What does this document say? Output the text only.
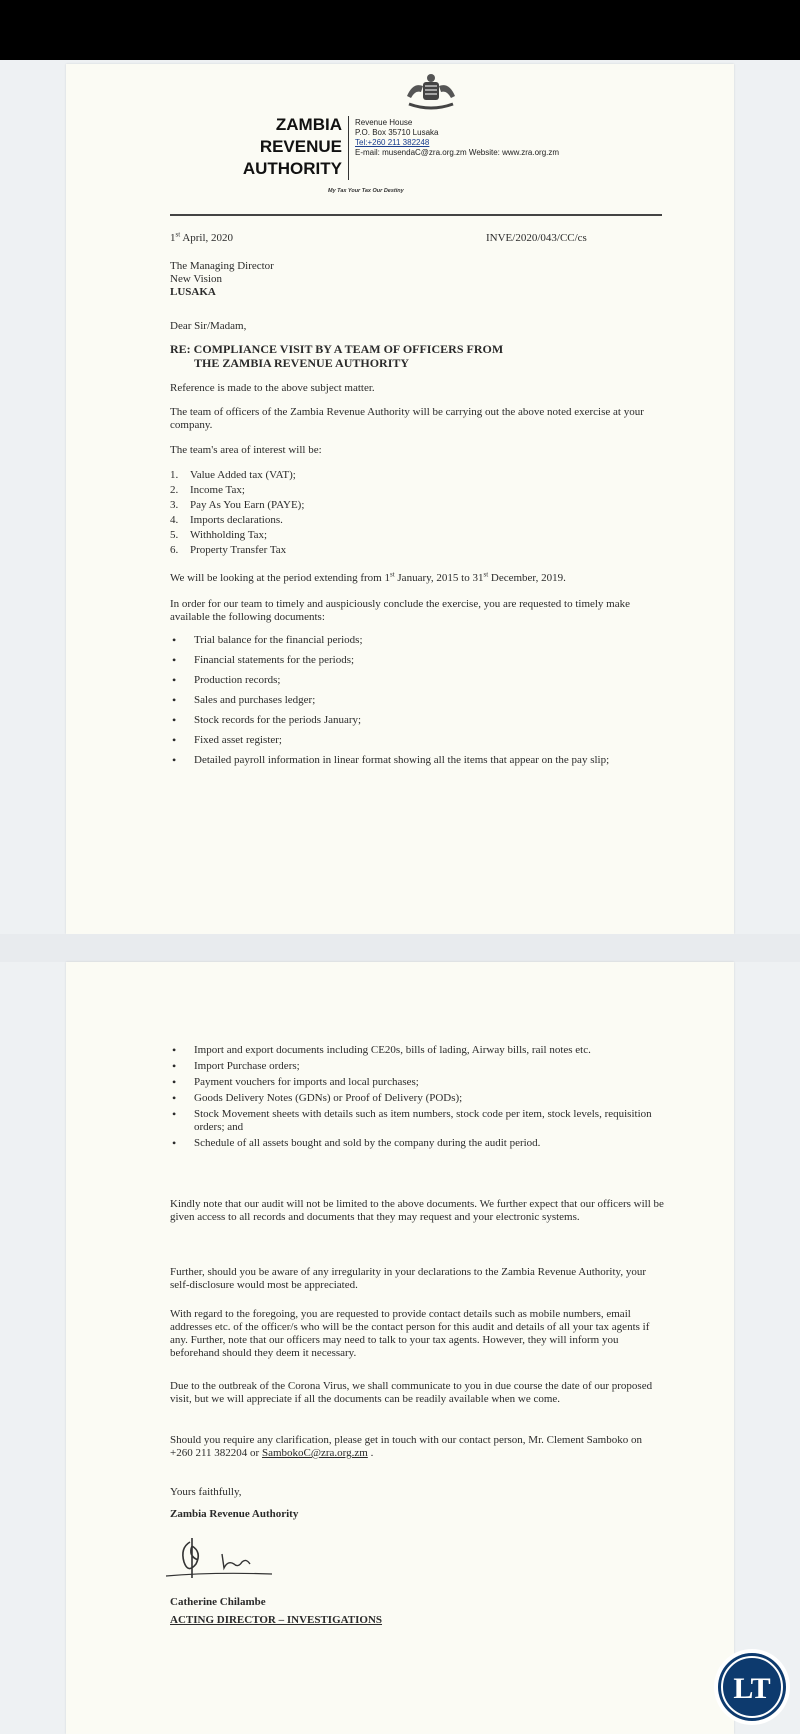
ZAMBIA
REVENUE
AUTHORITY
Revenue House
P.O. Box 35710 Lusaka
Tel:+260 211 382248
E-mail: musendaC@zra.org.zm Website: www.zra.org.zm
My Tax Your Tax Our Destiny
1st April, 2020	INVE/2020/043/CC/cs
The Managing Director
New Vision
LUSAKA
Dear Sir/Madam,
RE: COMPLIANCE VISIT BY A TEAM OF OFFICERS FROM
THE ZAMBIA REVENUE AUTHORITY
Reference is made to the above subject matter.
The team of officers of the Zambia Revenue Authority will be carrying out the above noted exercise at your company.
The team's area of interest will be:
1. Value Added tax (VAT);
2. Income Tax;
3. Pay As You Earn (PAYE);
4. Imports declarations.
5. Withholding Tax;
6. Property Transfer Tax
We will be looking at the period extending from 1st January, 2015 to 31st December, 2019.
In order for our team to timely and auspiciously conclude the exercise, you are requested to timely make available the following documents:
• Trial balance for the financial periods;
• Financial statements for the periods;
• Production records;
• Sales and purchases ledger;
• Stock records for the periods January;
• Fixed asset register;
• Detailed payroll information in linear format showing all the items that appear on the pay slip;
• Import and export documents including CE20s, bills of lading, Airway bills, rail notes etc.
• Import Purchase orders;
• Payment vouchers for imports and local purchases;
• Goods Delivery Notes (GDNs) or Proof of Delivery (PODs);
• Stock Movement sheets with details such as item numbers, stock code per item, stock levels, requisition orders; and
• Schedule of all assets bought and sold by the company during the audit period.
Kindly note that our audit will not be limited to the above documents. We further expect that our officers will be given access to all records and documents that they may request and your electronic systems.
Further, should you be aware of any irregularity in your declarations to the Zambia Revenue Authority, your self-disclosure would most be appreciated.
With regard to the foregoing, you are requested to provide contact details such as mobile numbers, email addresses etc. of the officer/s who will be the contact person for this audit and details of all your tax agents if any. Further, note that our officers may need to talk to your tax agents. However, they will inform you beforehand should they deem it necessary.
Due to the outbreak of the Corona Virus, we shall communicate to you in due course the date of our proposed visit, but we will appreciate if all the documents can be readily available when we come.
Should you require any clarification, please get in touch with our contact person, Mr. Clement Samboko on +260 211 382204 or SambokoC@zra.org.zm .
Yours faithfully,
Zambia Revenue Authority
Catherine Chilambe
ACTING DIRECTOR – INVESTIGATIONS
LT
